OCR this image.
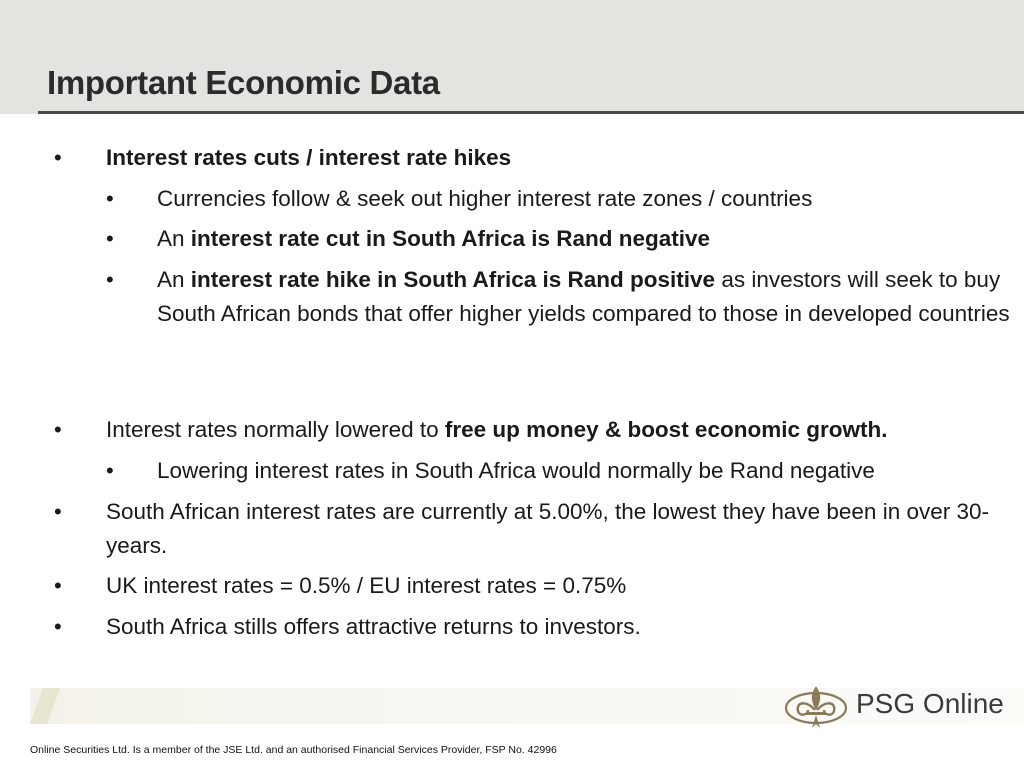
Important Economic Data
• Interest rates cuts / interest rate hikes
• Currencies follow & seek out higher interest rate zones / countries
• An interest rate cut in South Africa is Rand negative
• An interest rate hike in South Africa is Rand positive as investors will seek to buy South African bonds that offer higher yields compared to those in developed countries
• Interest rates normally lowered to free up money & boost economic growth.
• Lowering interest rates in South Africa would normally be Rand negative
• South African interest rates are currently at 5.00%, the lowest they have been in over 30-years.
• UK interest rates = 0.5% / EU interest rates = 0.75%
• South Africa stills offers attractive returns to investors.
PSG Online
Online Securities Ltd. Is a member of the JSE Ltd. and an authorised Financial Services Provider, FSP No. 42996
